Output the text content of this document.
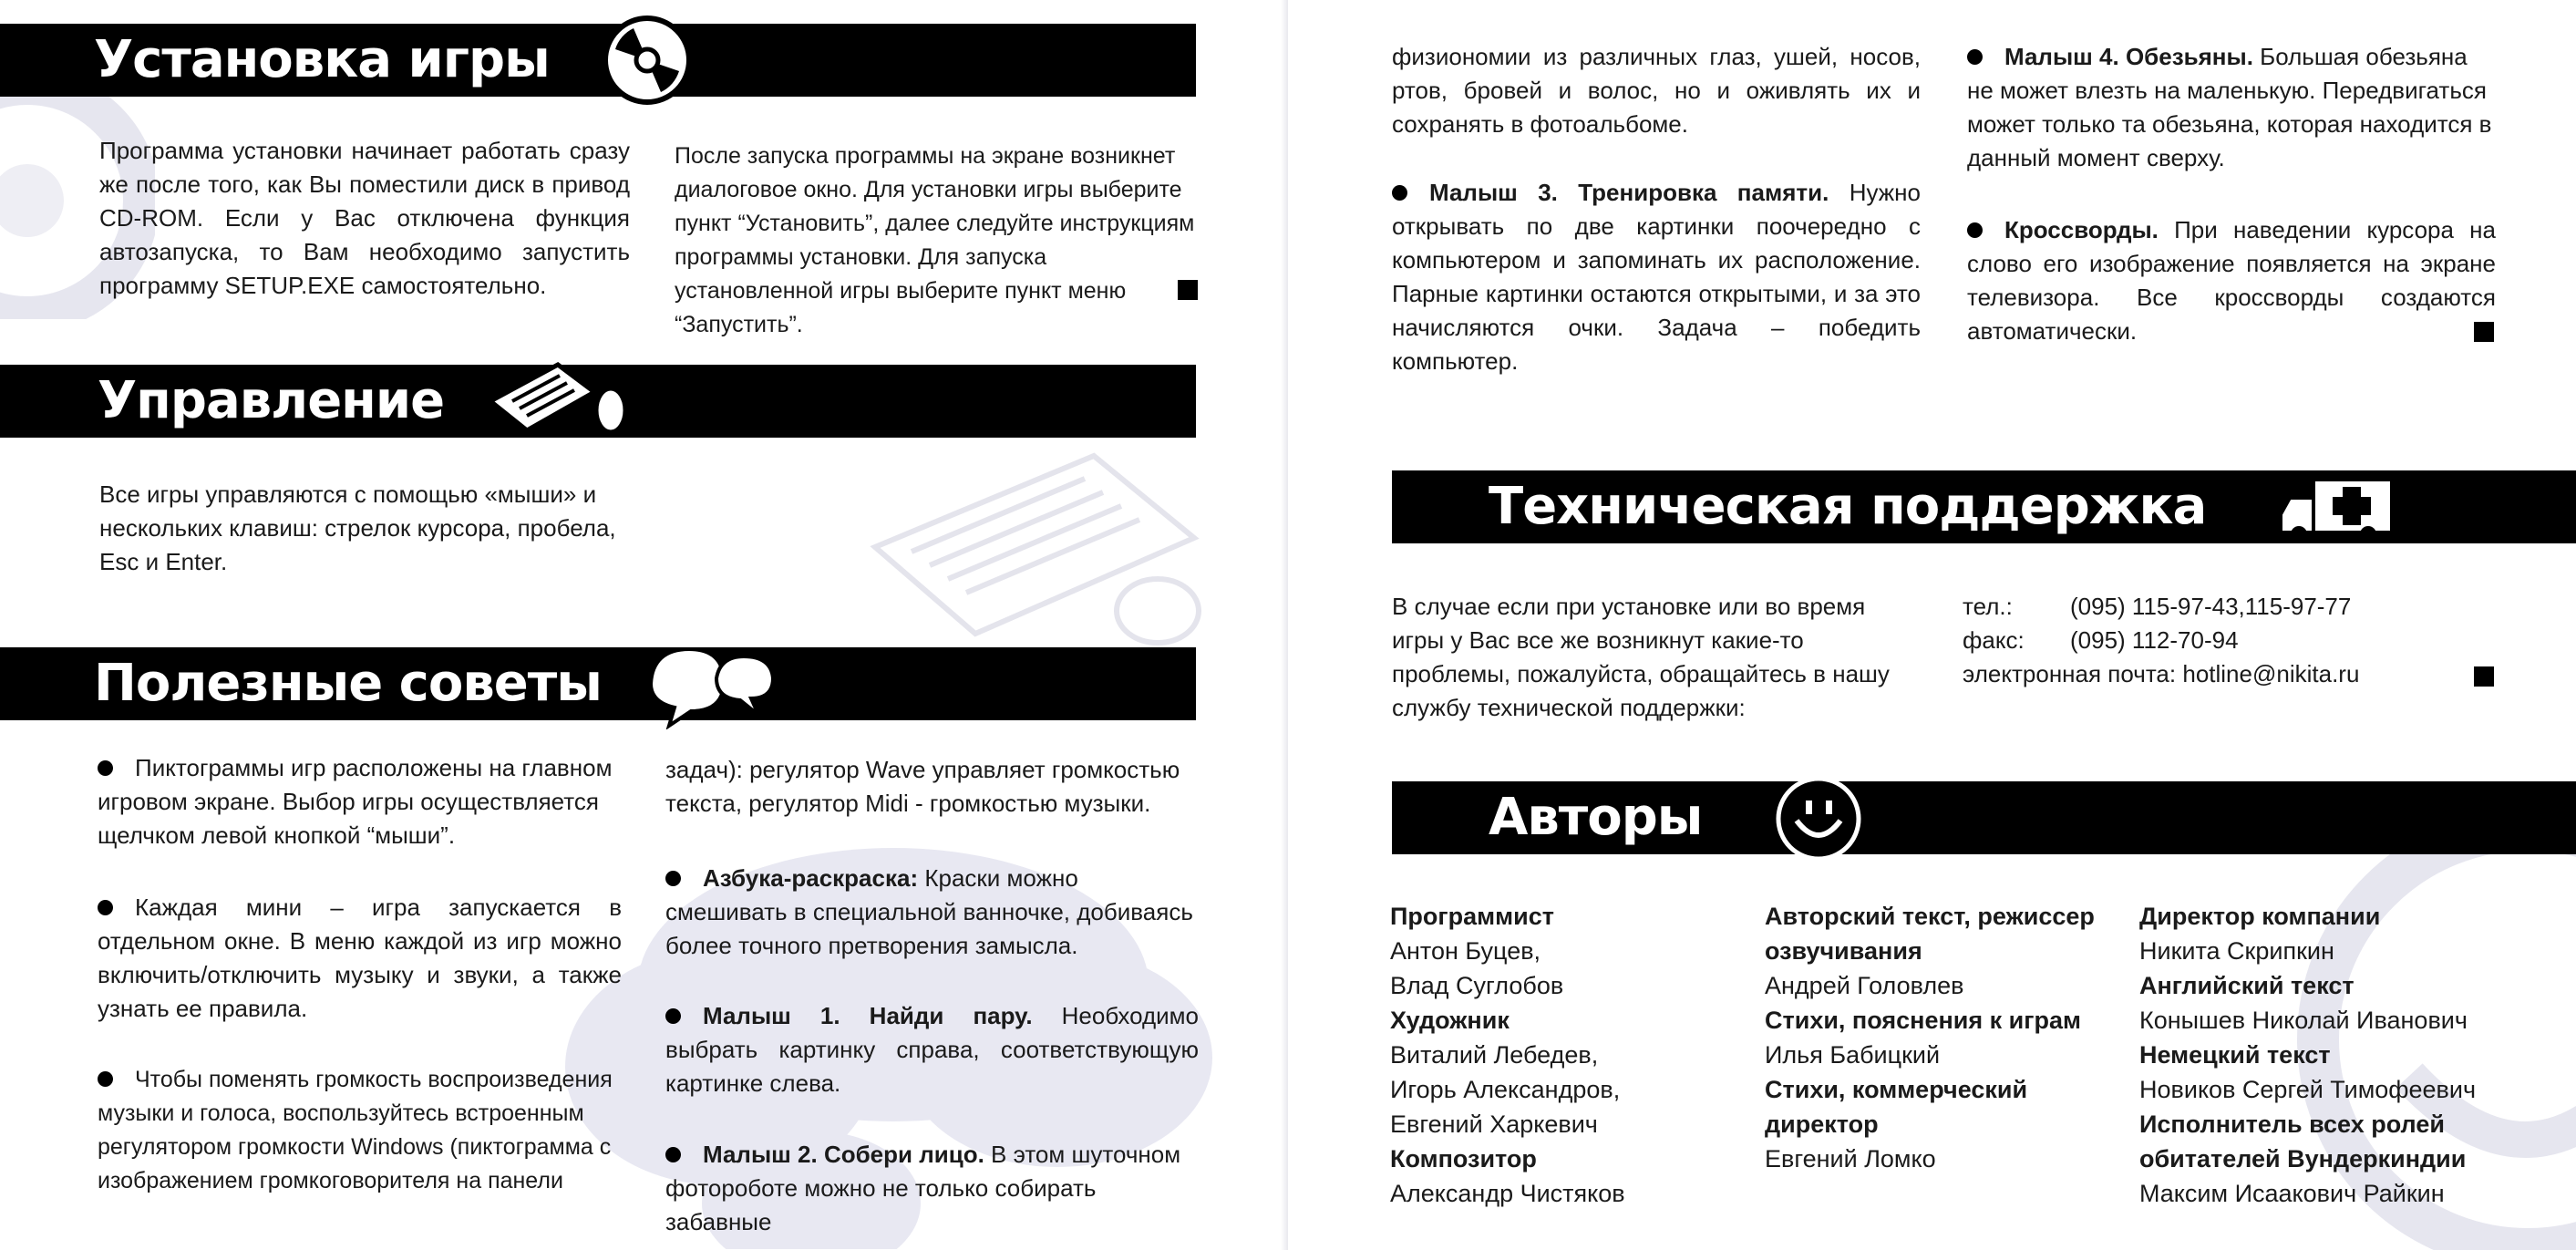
Установка игры
Программа установки начинает работать сразу же после того, как Вы поместили диск в привод CD-ROM. Если у Вас отключена функция автозапуска, то Вам необходимо запустить программу SETUP.EXE самостоятельно.
После запуска программы на экране возникнет диалоговое окно. Для установки игры выберите пункт “Установить”, далее следуйте инструкциям программы установки. Для запуска установленной игры выберите пункт меню “Запустить”.
Управление
Все игры управляются с помощью «мыши» и нескольких клавиш: стрелок курсора, пробела, Esc и Enter.
Полезные советы
Пиктограммы игр расположены на главном игровом экране. Выбор игры осуществляется щелчком левой кнопкой “мыши”.
Каждая мини – игра запускается в отдельном окне. В меню каждой из игр можно включить/отключить музыку и звуки, а также узнать ее правила.
Чтобы поменять громкость воспроизведения музыки и голоса, воспользуйтесь встроенным регулятором громкости Windows (пиктограмма с изображением громкоговорителя на панели
задач): регулятор Wave управляет громкостью текста, регулятор Midi - громкостью музыки.
Азбука-раскраска: Краски можно смешивать в специальной ванночке, добиваясь более точного претворения замысла.
Малыш 1. Найди пару. Необходимо выбрать картинку справа, соответствующую картинке слева.
Малыш 2. Собери лицо. В этом шуточном фотороботе можно не только собирать забавные
физиономии из различных глаз, ушей, носов, ртов, бровей и волос, но и оживлять их и сохранять в фотоальбоме.
Малыш 3. Тренировка памяти. Нужно открывать по две картинки поочередно с компьютером и запоминать их расположение. Парные картинки остаются открытыми, и за это начисляются очки. Задача – победить компьютер.
Малыш 4. Обезьяны. Большая обезьяна не может влезть на маленькую. Передвигаться может только та обезьяна, которая находится в данный момент сверху.
Кроссворды. При наведении курсора на слово его изображение появляется на экране телевизора. Все кроссворды создаются автоматически.
Техническая поддержка
В случае если при установке или во время игры у Вас все же возникнут какие-то проблемы, пожалуйста, обращайтесь в нашу службу технической поддержки:
тел.: (095) 115-97-43,115-97-77
факс: (095) 112-70-94
электронная почта: hotline@nikita.ru
Авторы
Программист
Антон Буцев,
Влад Суглобов
Художник
Виталий Лебедев,
Игорь Александров,
Евгений Харкевич
Композитор
Александр Чистяков
Авторский текст, режиссер озвучивания
Андрей Головлев
Стихи, пояснения к играм
Илья Бабицкий
Стихи, коммерческий директор
Евгений Ломко
Директор компании
Никита Скрипкин
Английский текст
Конышев Николай Иванович
Немецкий текст
Новиков Сергей Тимофеевич
Исполнитель всех ролей обитателей Вундеркиндии
Максим Исаакович Райкин
